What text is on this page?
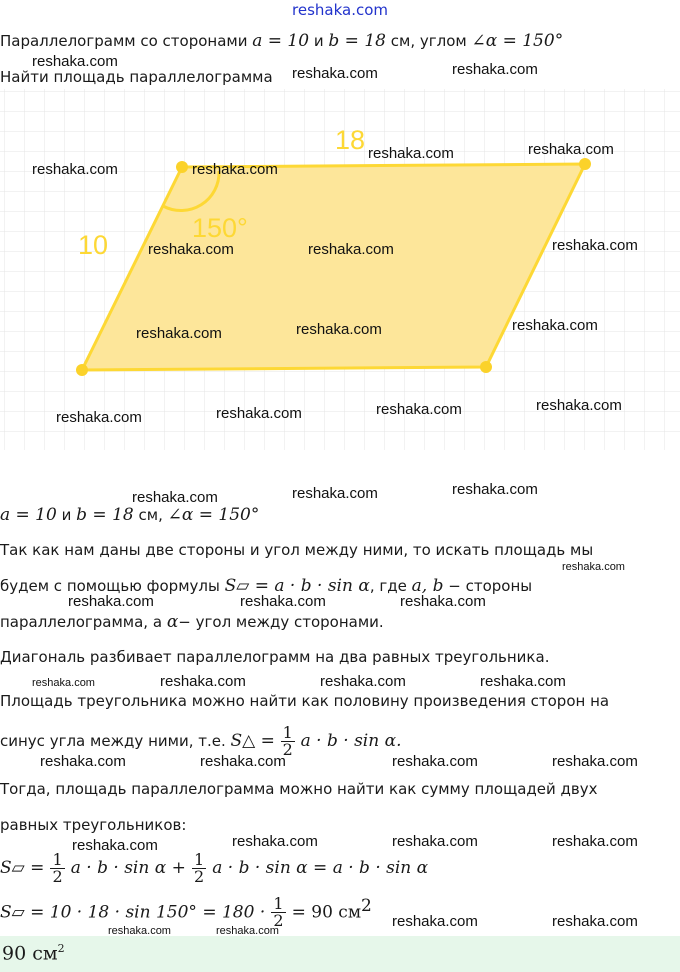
reshaka.com
Параллелограмм со сторонами a = 10 и b = 18 см, углом ∠α = 150°
Найти площадь параллелограмма
18
10
150°
a = 10 и b = 18 см, ∠α = 150°
Так как нам даны две стороны и угол между ними, то искать площадь мы
будем с помощью формулы S▱ = a · b · sin α, где a, b − стороны
параллелограмма, а α− угол между сторонами.
Диагональ разбивает параллелограмм на два равных треугольника.
Площадь треугольника можно найти как половину произведения сторон на
синус угла между ними, т.е. S△ = $\frac{1}{2}$ a · b · sin α.
Тогда, площадь параллелограмма можно найти как сумму площадей двух
равных треугольников:
S▱ = $\frac{1}{2}$ $a \cdot b \cdot \sin \alpha + \frac{1}{2}$ a · b · sin α = a · b · sin α
S▱ = $10 \cdot 18 \cdot \sin 150^\circ = 180 \cdot \frac{1}{2} = 90$ $см^2$
90 $см^2$
reshaka.com
reshaka.com	reshaka.com
reshaka.com	reshaka.com
reshaka.com	reshaka.com
reshaka.com	reshaka.com	reshaka.com
reshaka.com	reshaka.com	reshaka.com
reshaka.com	reshaka.com	reshaka.com	reshaka.com
reshaka.com	reshaka.com	reshaka.com
reshaka.com
reshaka.com	reshaka.com	reshaka.com
reshaka.com	reshaka.com	reshaka.com	reshaka.com
reshaka.com	reshaka.com	reshaka.com	reshaka.com
reshaka.com	reshaka.com	reshaka.com	reshaka.com
reshaka.com	reshaka.com
reshaka.com	reshaka.com
